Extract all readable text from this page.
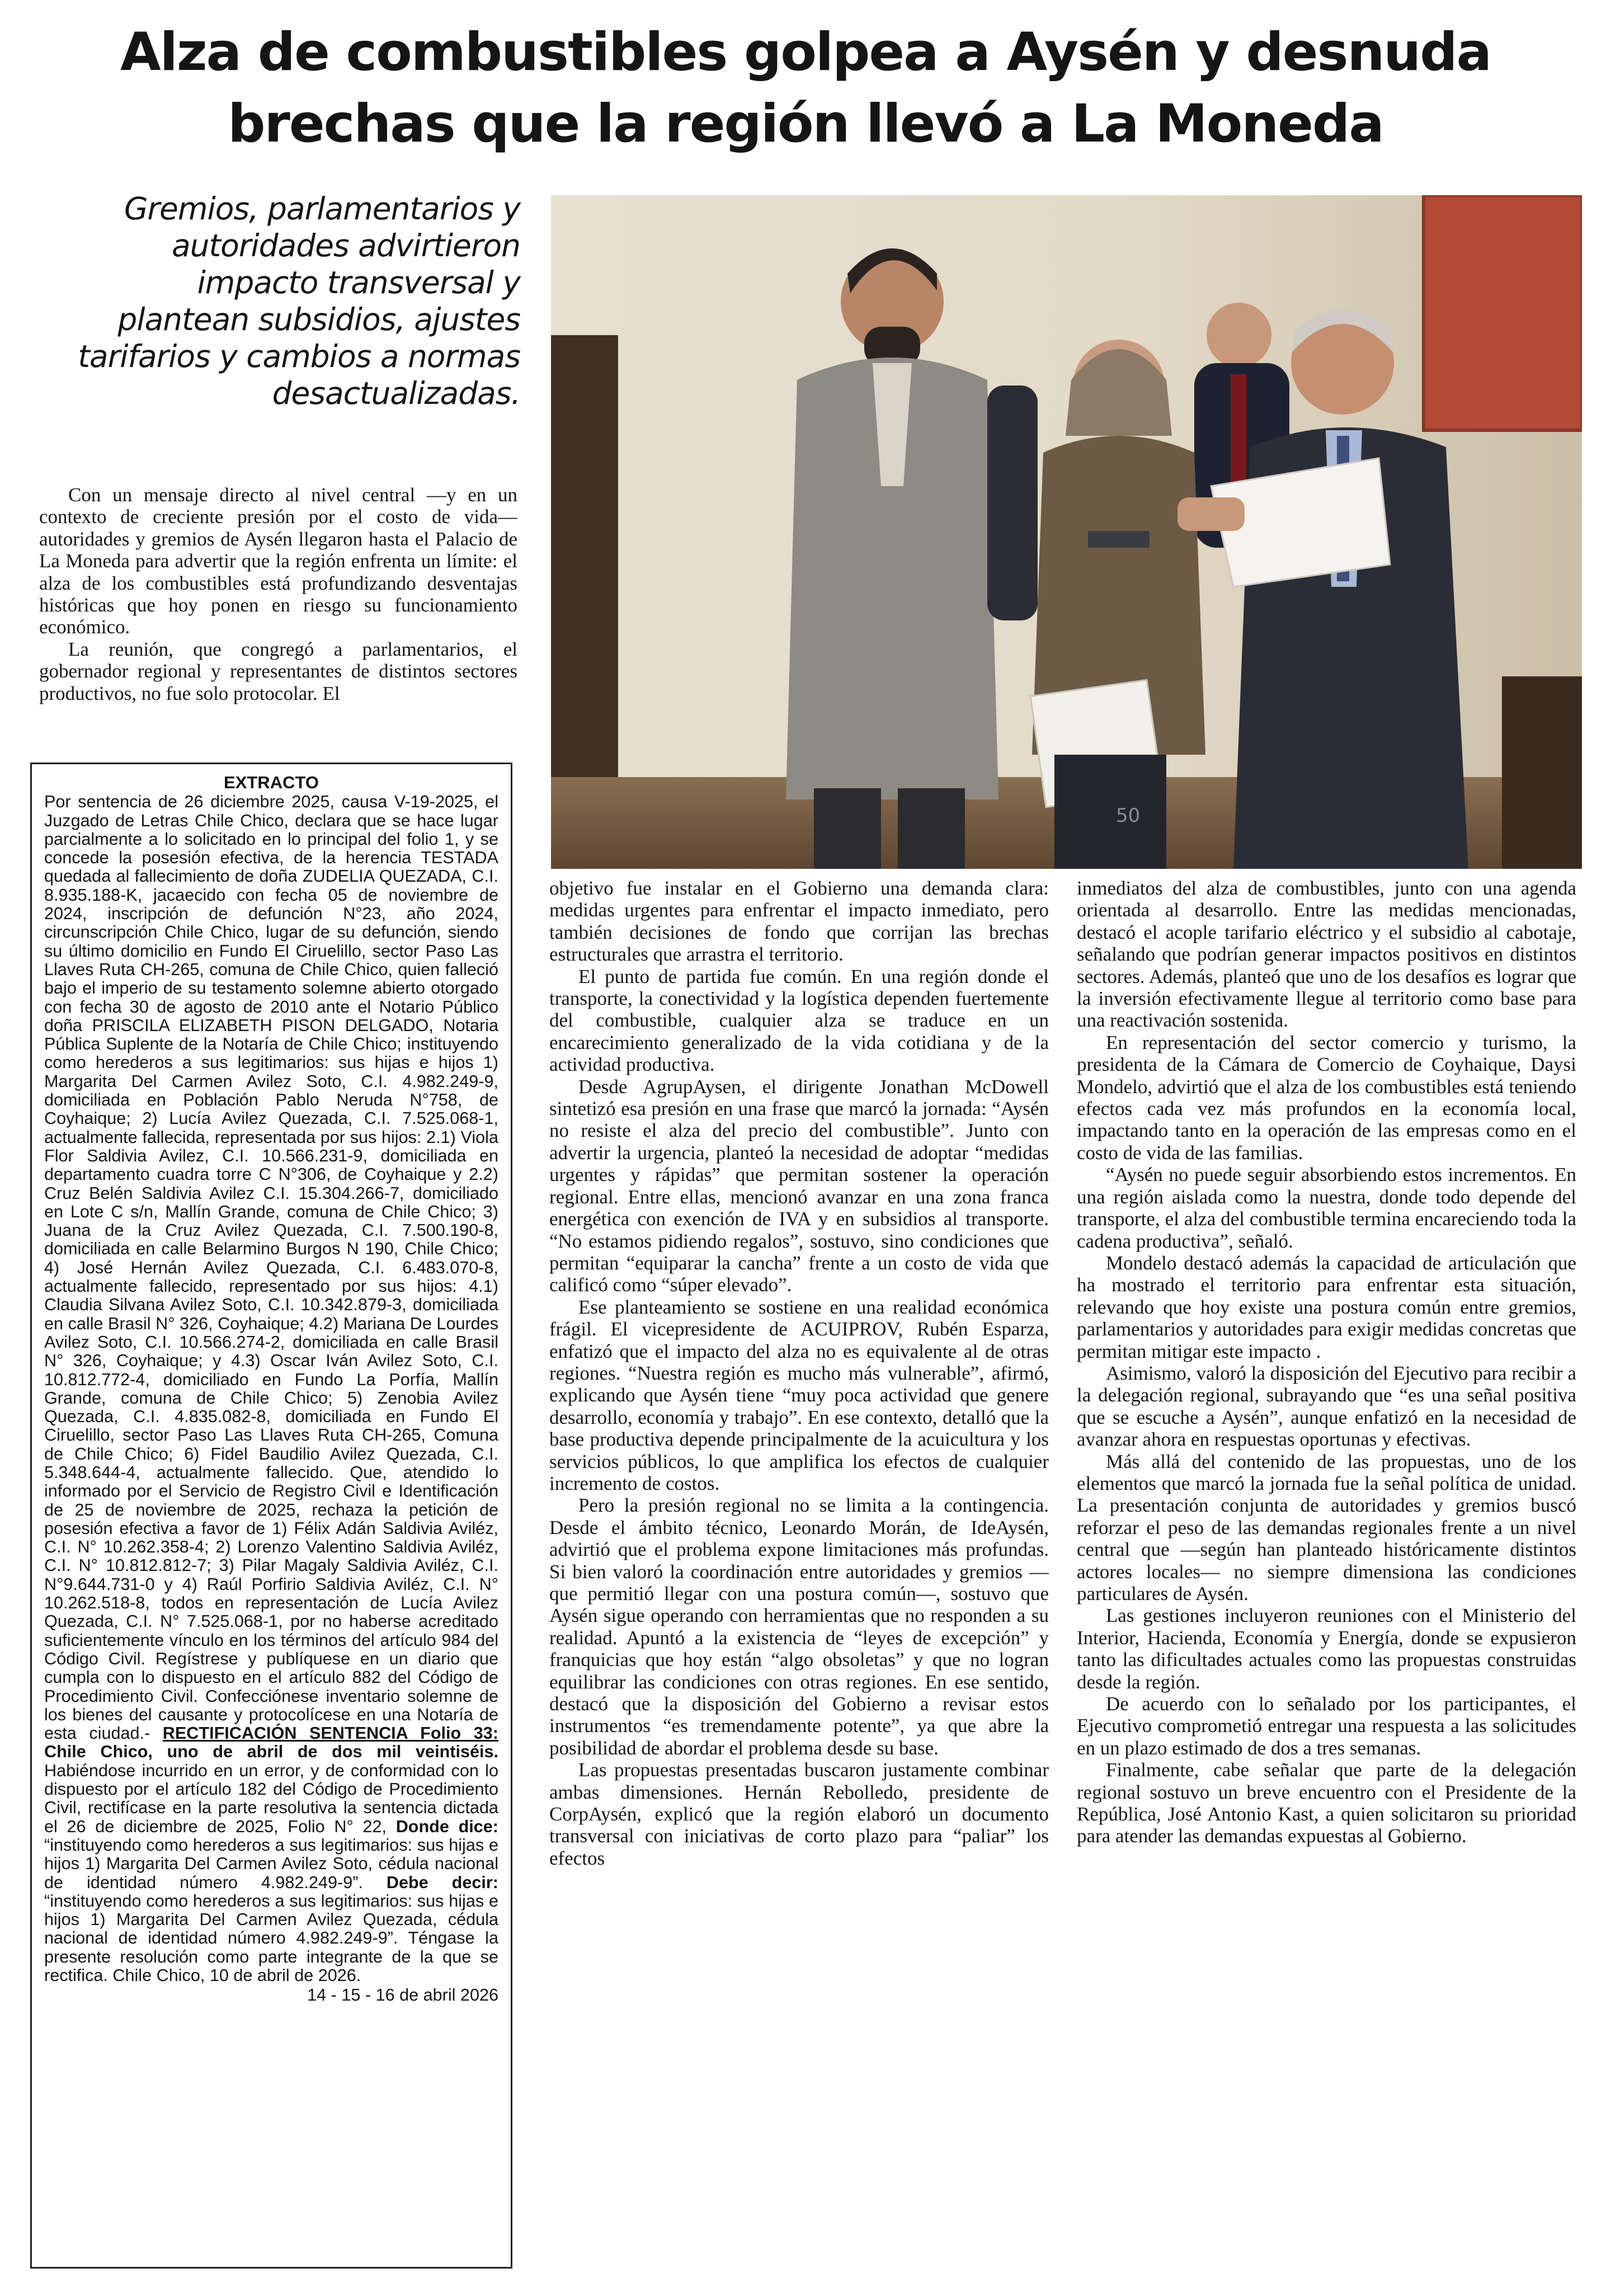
Alza de combustibles golpea a Aysén y desnuda
brechas que la región llevó a La Moneda
Gremios, parlamentarios y
autoridades advirtieron
impacto transversal y
plantean subsidios, ajustes
tarifarios y cambios a normas
desactualizadas.
50

Con un mensaje directo al nivel central —y en un contexto de creciente presión por el costo de vida— autoridades y gremios de Aysén llegaron hasta el Palacio de La Moneda para advertir que la región enfrenta un límite: el alza de los combustibles está profundizando desventajas históricas que hoy ponen en riesgo su funcionamiento económico.

La reunión, que congregó a parlamentarios, el gobernador regional y representantes de distintos sectores productivos, no fue solo protocolar. El

EXTRACTO
Por sentencia de 26 diciembre 2025, causa V-19-2025, el Juzgado de Letras Chile Chico, declara que se hace lugar parcialmente a lo solicitado en lo principal del folio 1, y se concede la posesión efectiva, de la herencia TESTADA quedada al fallecimiento de doña ZUDELIA QUEZADA, C.I. 8.935.188-K, jacaecido con fecha 05 de noviembre de 2024, inscripción de defunción N°23, año 2024, circunscripción Chile Chico, lugar de su defunción, siendo su último domicilio en Fundo El Ciruelillo, sector Paso Las Llaves Ruta CH-265, comuna de Chile Chico, quien falleció bajo el imperio de su testamento solemne abierto otorgado con fecha 30 de agosto de 2010 ante el Notario Público doña PRISCILA ELIZABETH PISON DELGADO, Notaria Pública Suplente de la Notaría de Chile Chico; instituyendo como herederos a sus legitimarios: sus hijas e hijos 1) Margarita Del Carmen Avilez Soto, C.I. 4.982.249-9, domiciliada en Población Pablo Neruda N°758, de Coyhaique; 2) Lucía Avilez Quezada, C.I. 7.525.068-1, actualmente fallecida, representada por sus hijos: 2.1) Viola Flor Saldivia Avilez, C.I. 10.566.231-9, domiciliada en departamento cuadra torre C N°306, de Coyhaique y 2.2) Cruz Belén Saldivia Avilez C.I. 15.304.266-7, domiciliado en Lote C s/n, Mallín Grande, comuna de Chile Chico; 3) Juana de la Cruz Avilez Quezada, C.I. 7.500.190-8, domiciliada en calle Belarmino Burgos N 190, Chile Chico; 4) José Hernán Avilez Quezada, C.I. 6.483.070-8, actualmente fallecido, representado por sus hijos: 4.1) Claudia Silvana Avilez Soto, C.I. 10.342.879-3, domiciliada en calle Brasil N° 326, Coyhaique; 4.2) Mariana De Lourdes Avilez Soto, C.I. 10.566.274-2, domiciliada en calle Brasil N° 326, Coyhaique; y 4.3) Oscar Iván Avilez Soto, C.I. 10.812.772-4, domiciliado en Fundo La Porfía, Mallín Grande, comuna de Chile Chico; 5) Zenobia Avilez Quezada, C.I. 4.835.082-8, domiciliada en Fundo El Ciruelillo, sector Paso Las Llaves Ruta CH-265, Comuna de Chile Chico; 6) Fidel Baudilio Avilez Quezada, C.I. 5.348.644-4, actualmente fallecido. Que, atendido lo informado por el Servicio de Registro Civil e Identificación de 25 de noviembre de 2025, rechaza la petición de posesión efectiva a favor de 1) Félix Adán Saldivia Aviléz, C.I. N° 10.262.358-4; 2) Lorenzo Valentino Saldivia Aviléz, C.I. N° 10.812.812-7; 3) Pilar Magaly Saldivia Aviléz, C.I. N°9.644.731-0 y 4) Raúl Porfirio Saldivia Aviléz, C.I. N° 10.262.518-8, todos en representación de Lucía Avilez Quezada, C.I. N° 7.525.068-1, por no haberse acreditado suficientemente vínculo en los términos del artículo 984 del Código Civil. Regístrese y publíquese en un diario que cumpla con lo dispuesto en el artículo 882 del Código de Procedimiento Civil. Confecciónese inventario solemne de los bienes del causante y protocolícese en una Notaría de esta ciudad.- RECTIFICACIÓN SENTENCIA Folio 33: Chile Chico, uno de abril de dos mil veintiséis. Habiéndose incurrido en un error, y de conformidad con lo dispuesto por el artículo 182 del Código de Procedimiento Civil, rectifícase en la parte resolutiva la sentencia dictada el 26 de diciembre de 2025, Folio N° 22, Donde dice: “instituyendo como herederos a sus legitimarios: sus hijas e hijos 1) Margarita Del Carmen Avilez Soto, cédula nacional de identidad número 4.982.249-9”. Debe decir: “instituyendo como herederos a sus legitimarios: sus hijas e hijos 1) Margarita Del Carmen Avilez Quezada, cédula nacional de identidad número 4.982.249-9”. Téngase la presente resolución como parte integrante de la que se rectifica. Chile Chico, 10 de abril de 2026.
14 - 15 - 16 de abril 2026

objetivo fue instalar en el Gobierno una demanda clara: medidas urgentes para enfrentar el impacto inmediato, pero también decisiones de fondo que corrijan las brechas estructurales que arrastra el territorio.

El punto de partida fue común. En una región donde el transporte, la conectividad y la logística dependen fuertemente del combustible, cualquier alza se traduce en un encarecimiento generalizado de la vida cotidiana y de la actividad productiva.

Desde AgrupAysen, el dirigente Jonathan McDowell sintetizó esa presión en una frase que marcó la jornada: “Aysén no resiste el alza del precio del combustible”. Junto con advertir la urgencia, planteó la necesidad de adoptar “medidas urgentes y rápidas” que permitan sostener la operación regional. Entre ellas, mencionó avanzar en una zona franca energética con exención de IVA y en subsidios al transporte. “No estamos pidiendo regalos”, sostuvo, sino condiciones que permitan “equiparar la cancha” frente a un costo de vida que calificó como “súper elevado”.

Ese planteamiento se sostiene en una realidad económica frágil. El vicepresidente de ACUIPROV, Rubén Esparza, enfatizó que el impacto del alza no es equivalente al de otras regiones. “Nuestra región es mucho más vulnerable”, afirmó, explicando que Aysén tiene “muy poca actividad que genere desarrollo, economía y trabajo”. En ese contexto, detalló que la base productiva depende principalmente de la acuicultura y los servicios públicos, lo que amplifica los efectos de cualquier incremento de costos.

Pero la presión regional no se limita a la contingencia. Desde el ámbito técnico, Leonardo Morán, de IdeAysén, advirtió que el problema expone limitaciones más profundas. Si bien valoró la coordinación entre autoridades y gremios —que permitió llegar con una postura común—, sostuvo que Aysén sigue operando con herramientas que no responden a su realidad. Apuntó a la existencia de “leyes de excepción” y franquicias que hoy están “algo obsoletas” y que no logran equilibrar las condiciones con otras regiones. En ese sentido, destacó que la disposición del Gobierno a revisar estos instrumentos “es tremendamente potente”, ya que abre la posibilidad de abordar el problema desde su base.

Las propuestas presentadas buscaron justamente combinar ambas dimensiones. Hernán Rebolledo, presidente de CorpAysén, explicó que la región elaboró un documento transversal con iniciativas de corto plazo para “paliar” los efectos

inmediatos del alza de combustibles, junto con una agenda orientada al desarrollo. Entre las medidas mencionadas, destacó el acople tarifario eléctrico y el subsidio al cabotaje, señalando que podrían generar impactos positivos en distintos sectores. Además, planteó que uno de los desafíos es lograr que la inversión efectivamente llegue al territorio como base para una reactivación sostenida.

En representación del sector comercio y turismo, la presidenta de la Cámara de Comercio de Coyhaique, Daysi Mondelo, advirtió que el alza de los combustibles está teniendo efectos cada vez más profundos en la economía local, impactando tanto en la operación de las empresas como en el costo de vida de las familias.

“Aysén no puede seguir absorbiendo estos incrementos. En una región aislada como la nuestra, donde todo depende del transporte, el alza del combustible termina encareciendo toda la cadena productiva”, señaló.

Mondelo destacó además la capacidad de articulación que ha mostrado el territorio para enfrentar esta situación, relevando que hoy existe una postura común entre gremios, parlamentarios y autoridades para exigir medidas concretas que permitan mitigar este impacto .

Asimismo, valoró la disposición del Ejecutivo para recibir a la delegación regional, subrayando que “es una señal positiva que se escuche a Aysén”, aunque enfatizó en la necesidad de avanzar ahora en respuestas oportunas y efectivas.

Más allá del contenido de las propuestas, uno de los elementos que marcó la jornada fue la señal política de unidad. La presentación conjunta de autoridades y gremios buscó reforzar el peso de las demandas regionales frente a un nivel central que —según han planteado históricamente distintos actores locales— no siempre dimensiona las condiciones particulares de Aysén.

Las gestiones incluyeron reuniones con el Ministerio del Interior, Hacienda, Economía y Energía, donde se expusieron tanto las dificultades actuales como las propuestas construidas desde la región.

De acuerdo con lo señalado por los participantes, el Ejecutivo comprometió entregar una respuesta a las solicitudes en un plazo estimado de dos a tres semanas.

Finalmente, cabe señalar que parte de la delegación regional sostuvo un breve encuentro con el Presidente de la República, José Antonio Kast, a quien solicitaron su prioridad para atender las demandas expuestas al Gobierno.
